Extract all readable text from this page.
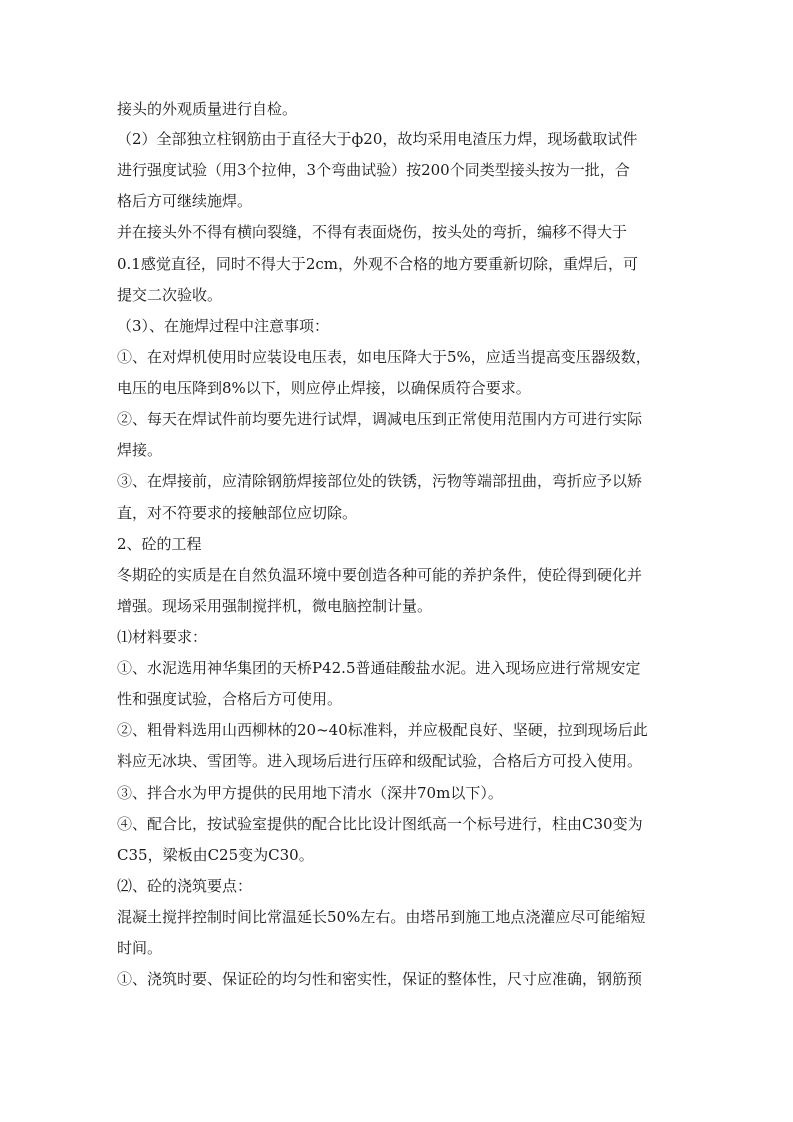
接头的外观质量进行自检。

（2）全部独立柱钢筋由于直径大于ф20，故均采用电渣压力焊，现场截取试件

进行强度试验（用3个拉伸，3个弯曲试验）按200个同类型接头按为一批，合

格后方可继续施焊。

并在接头外不得有横向裂缝，不得有表面烧伤，按头处的弯折，编移不得大于

0.1感觉直径，同时不得大于2cm，外观不合格的地方要重新切除，重焊后，可

提交二次验收。

（3）、在施焊过程中注意事项：

①、在对焊机使用时应装设电压表，如电压降大于5%，应适当提高变压器级数，

电压的电压降到8%以下，则应停止焊接，以确保质符合要求。

②、每天在焊试件前均要先进行试焊，调减电压到正常使用范围内方可进行实际

焊接。

③、在焊接前，应清除钢筋焊接部位处的铁锈，污物等端部扭曲，弯折应予以矫

直，对不符要求的接触部位应切除。

2、砼的工程

冬期砼的实质是在自然负温环境中要创造各种可能的养护条件，使砼得到硬化并

增强。现场采用强制搅拌机，微电脑控制计量。

⑴材料要求：

①、水泥选用神华集团的天桥P42.5普通硅酸盐水泥。进入现场应进行常规安定

性和强度试验，合格后方可使用。

②、粗骨料选用山西柳林的20~40标准料，并应极配良好、坚硬，拉到现场后此

料应无冰块、雪团等。进入现场后进行压碎和级配试验，合格后方可投入使用。

③、拌合水为甲方提供的民用地下清水（深井70m以下）。

④、配合比，按试验室提供的配合比比设计图纸高一个标号进行，柱由C30变为

C35，梁板由C25变为C30。

⑵、砼的浇筑要点：

混凝土搅拌控制时间比常温延长50%左右。由塔吊到施工地点浇灌应尽可能缩短

时间。

①、浇筑时要、保证砼的均匀性和密实性，保证的整体性，尺寸应准确，钢筋预
